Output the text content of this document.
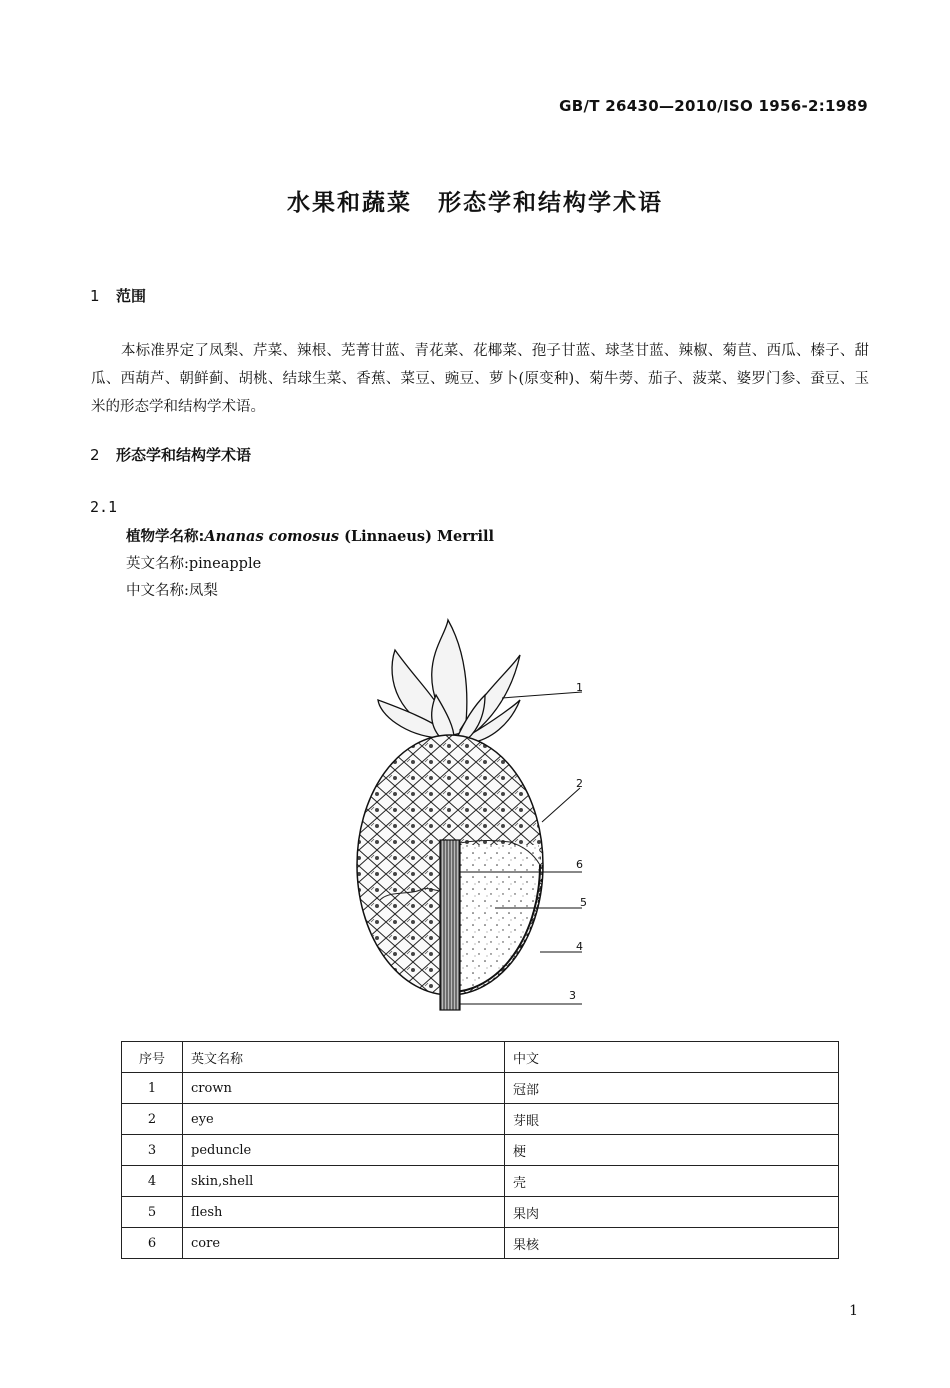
GB/T 26430—2010/ISO 1956-2:1989
水果和蔬菜 形态学和结构学术语
1 范围
本标准界定了凤梨、芹菜、辣根、芜菁甘蓝、青花菜、花椰菜、孢子甘蓝、球茎甘蓝、辣椒、菊苣、西瓜、榛子、甜瓜、西葫芦、朝鲜蓟、胡桃、结球生菜、香蕉、菜豆、豌豆、萝卜(原变种)、菊牛蒡、茄子、菠菜、婆罗门参、蚕豆、玉米的形态学和结构学术语。
2 形态学和结构学术语
2.1
植物学名称:Ananas comosus (Linnaeus) Merrill
英文名称:pineapple
中文名称:凤梨
1
2
6
5
4
3
序号	英文名称	中文
1	crown	冠部
2	eye	芽眼
3	peduncle	梗
4	skin,shell	壳
5	flesh	果肉
6	core	果核
1
